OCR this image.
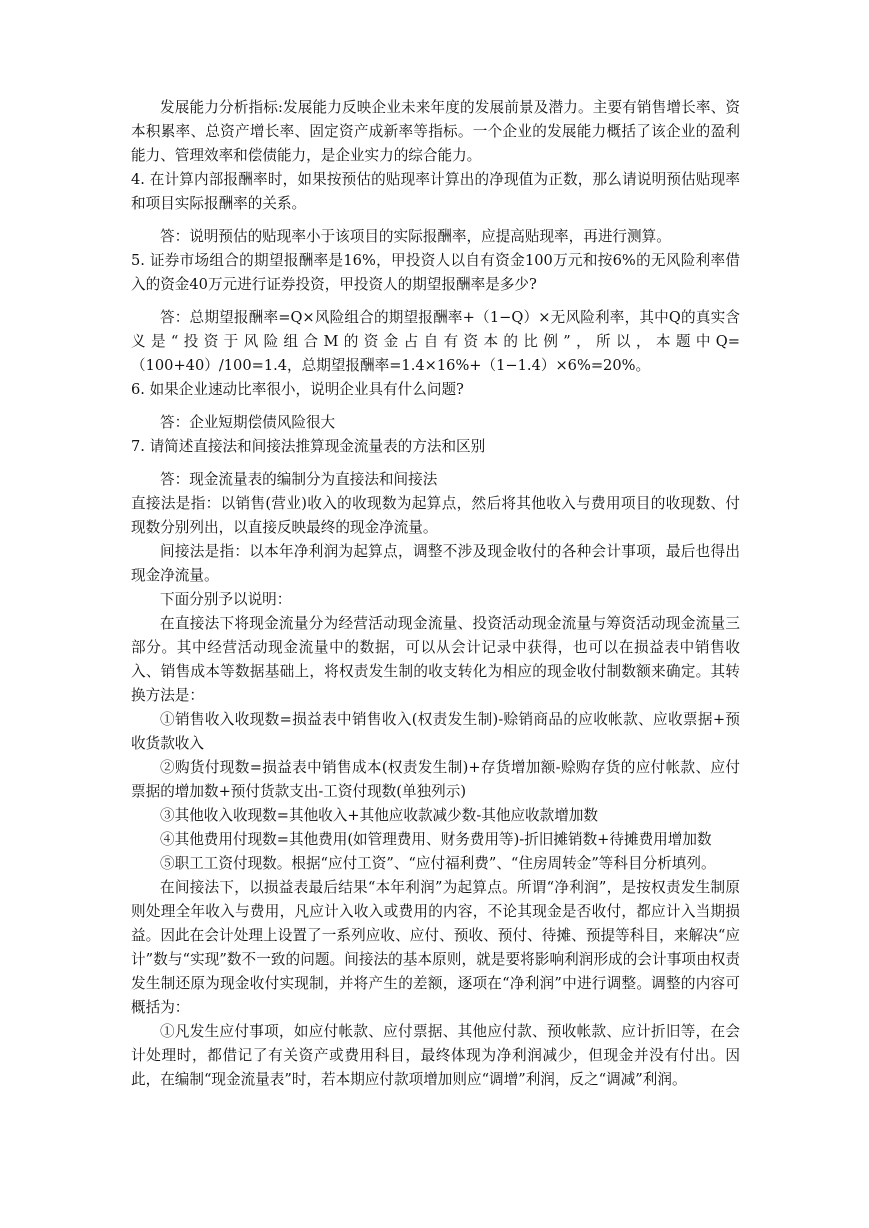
发展能力分析指标:发展能力反映企业未来年度的发展前景及潜力。主要有销售增长率、资本积累率、总资产增长率、固定资产成新率等指标。一个企业的发展能力概括了该企业的盈利能力、管理效率和偿债能力，是企业实力的综合能力。

4. 在计算内部报酬率时，如果按预估的贴现率计算出的净现值为正数，那么请说明预估贴现率和项目实际报酬率的关系。

答：说明预估的贴现率小于该项目的实际报酬率，应提高贴现率，再进行测算。

5. 证券市场组合的期望报酬率是16%，甲投资人以自有资金100万元和按6%的无风险利率借入的资金40万元进行证券投资，甲投资人的期望报酬率是多少?

答：总期望报酬率=Q×风险组合的期望报酬率+（1−Q）×无风险利率，其中Q的真实含义是“投资于风险组合M的资金占自有资本的比例”，所以，本题中Q=（100+40）/100=1.4，总期望报酬率=1.4×16%+（1−1.4）×6%=20%。

6. 如果企业速动比率很小，说明企业具有什么问题?

答：企业短期偿债风险很大

7. 请简述直接法和间接法推算现金流量表的方法和区别

答：现金流量表的编制分为直接法和间接法

直接法是指：以销售(营业)收入的收现数为起算点，然后将其他收入与费用项目的收现数、付现数分别列出，以直接反映最终的现金净流量。

间接法是指：以本年净利润为起算点，调整不涉及现金收付的各种会计事项，最后也得出现金净流量。

下面分别予以说明：

在直接法下将现金流量分为经营活动现金流量、投资活动现金流量与筹资活动现金流量三部分。其中经营活动现金流量中的数据，可以从会计记录中获得，也可以在损益表中销售收入、销售成本等数据基础上，将权责发生制的收支转化为相应的现金收付制数额来确定。其转换方法是：

①销售收入收现数=损益表中销售收入(权责发生制)-赊销商品的应收帐款、应收票据+预收货款收入

②购货付现数=损益表中销售成本(权责发生制)+存货增加额-赊购存货的应付帐款、应付票据的增加数+预付货款支出-工资付现数(单独列示)

③其他收入收现数=其他收入+其他应收款减少数-其他应收款增加数

④其他费用付现数=其他费用(如管理费用、财务费用等)-折旧摊销数+待摊费用增加数

⑤职工工资付现数。根据“应付工资”、“应付福利费”、“住房周转金”等科目分析填列。

在间接法下，以损益表最后结果“本年利润”为起算点。所谓“净利润”，是按权责发生制原则处理全年收入与费用，凡应计入收入或费用的内容，不论其现金是否收付，都应计入当期损益。因此在会计处理上设置了一系列应收、应付、预收、预付、待摊、预提等科目，来解决“应计”数与“实现”数不一致的问题。间接法的基本原则，就是要将影响利润形成的会计事项由权责发生制还原为现金收付实现制，并将产生的差额，逐项在“净利润”中进行调整。调整的内容可概括为：

①凡发生应付事项，如应付帐款、应付票据、其他应付款、预收帐款、应计折旧等，在会计处理时，都借记了有关资产或费用科目，最终体现为净利润减少，但现金并没有付出。因此，在编制“现金流量表”时，若本期应付款项增加则应“调增”利润，反之“调减”利润。
